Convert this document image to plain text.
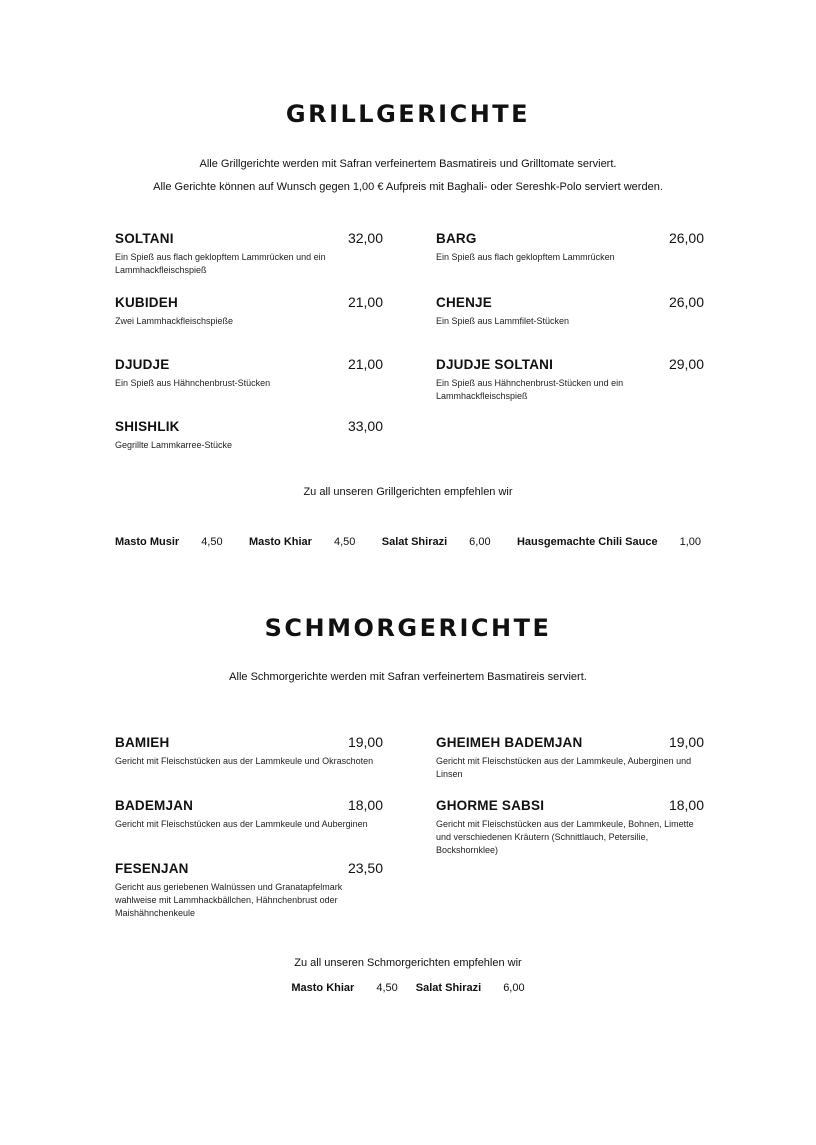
GRILLGERICHTE

Alle Grillgerichte werden mit Safran verfeinertem Basmatireis und Grilltomate serviert.

Alle Gerichte können auf Wunsch gegen 1,00 € Aufpreis mit Baghali- oder Sereshk-Polo serviert werden.

SOLTANI	32,00
Ein Spieß aus flach geklopftem Lammrücken und ein Lammhackfleischspieß
BARG	26,00
Ein Spieß aus flach geklopftem Lammrücken
KUBIDEH	21,00
Zwei Lammhackfleischspieße
CHENJE	26,00
Ein Spieß aus Lammfilet-Stücken
DJUDJE	21,00
Ein Spieß aus Hähnchenbrust-Stücken
DJUDJE SOLTANI	29,00
Ein Spieß aus Hähnchenbrust-Stücken und ein Lammhackfleischspieß
SHISHLIK	33,00
Gegrillte Lammkarree-Stücke

Zu all unseren Grillgerichten empfehlen wir

Masto Musir 4,50 Masto Khiar 4,50 Salat Shirazi 6,00 Hausgemachte Chili Sauce 1,00
SCHMORGERICHTE

Alle Schmorgerichte werden mit Safran verfeinertem Basmatireis serviert.

BAMIEH	19,00
Gericht mit Fleischstücken aus der Lammkeule und Okraschoten
GHEIMEH BADEMJAN	19,00
Gericht mit Fleischstücken aus der Lammkeule, Auberginen und Linsen
BADEMJAN	18,00
Gericht mit Fleischstücken aus der Lammkeule und Auberginen
GHORME SABSI	18,00
Gericht mit Fleischstücken aus der Lammkeule, Bohnen, Limette und verschiedenen Kräutern (Schnittlauch, Petersilie, Bockshornklee)
FESENJAN	23,50
Gericht aus geriebenen Walnüssen und Granatapfelmark wahlweise mit Lammhackbällchen, Hähnchenbrust oder Maishähnchenkeule

Zu all unseren Schmorgerichten empfehlen wir

Masto Khiar 4,50 Salat Shirazi 6,00
